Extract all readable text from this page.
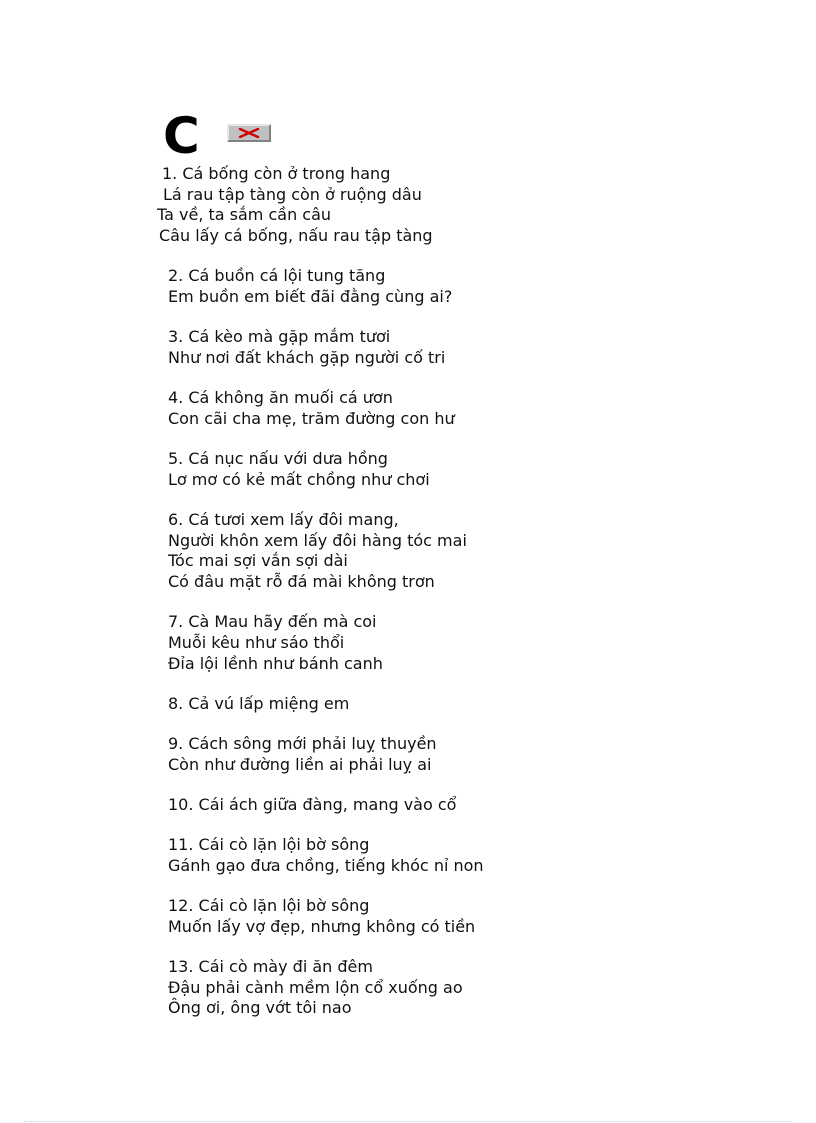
C
1. Cá bống còn ở trong hang
Lá rau tập tàng còn ở ruộng dâu
Ta về, ta sắm cần câu
Câu lấy cá bống, nấu rau tập tàng
2. Cá buồn cá lội tung tăng
Em buồn em biết đãi đằng cùng ai?
3. Cá kèo mà gặp mắm tươi
Như nơi đất khách gặp người cố tri
4. Cá không ăn muối cá ươn
Con cãi cha mẹ, trăm đường con hư
5. Cá nục nấu với dưa hồng
Lơ mơ có kẻ mất chồng như chơi
6. Cá tươi xem lấy đôi mang,
Người khôn xem lấy đôi hàng tóc mai
Tóc mai sợi vắn sợi dài
Có đâu mặt rỗ đá mài không trơn
7. Cà Mau hãy đến mà coi
Muỗi kêu như sáo thổi
Đỉa lội lềnh như bánh canh
8. Cả vú lấp miệng em
9. Cách sông mới phải luỵ thuyền
Còn như đường liền ai phải luỵ ai
10. Cái ách giữa đàng, mang vào cổ
11. Cái cò lặn lội bờ sông
Gánh gạo đưa chồng, tiếng khóc nỉ non
12. Cái cò lặn lội bờ sông
Muốn lấy vợ đẹp, nhưng không có tiền
13. Cái cò mày đi ăn đêm
Đậu phải cành mềm lộn cổ xuống ao
Ông ơi, ông vớt tôi nao
